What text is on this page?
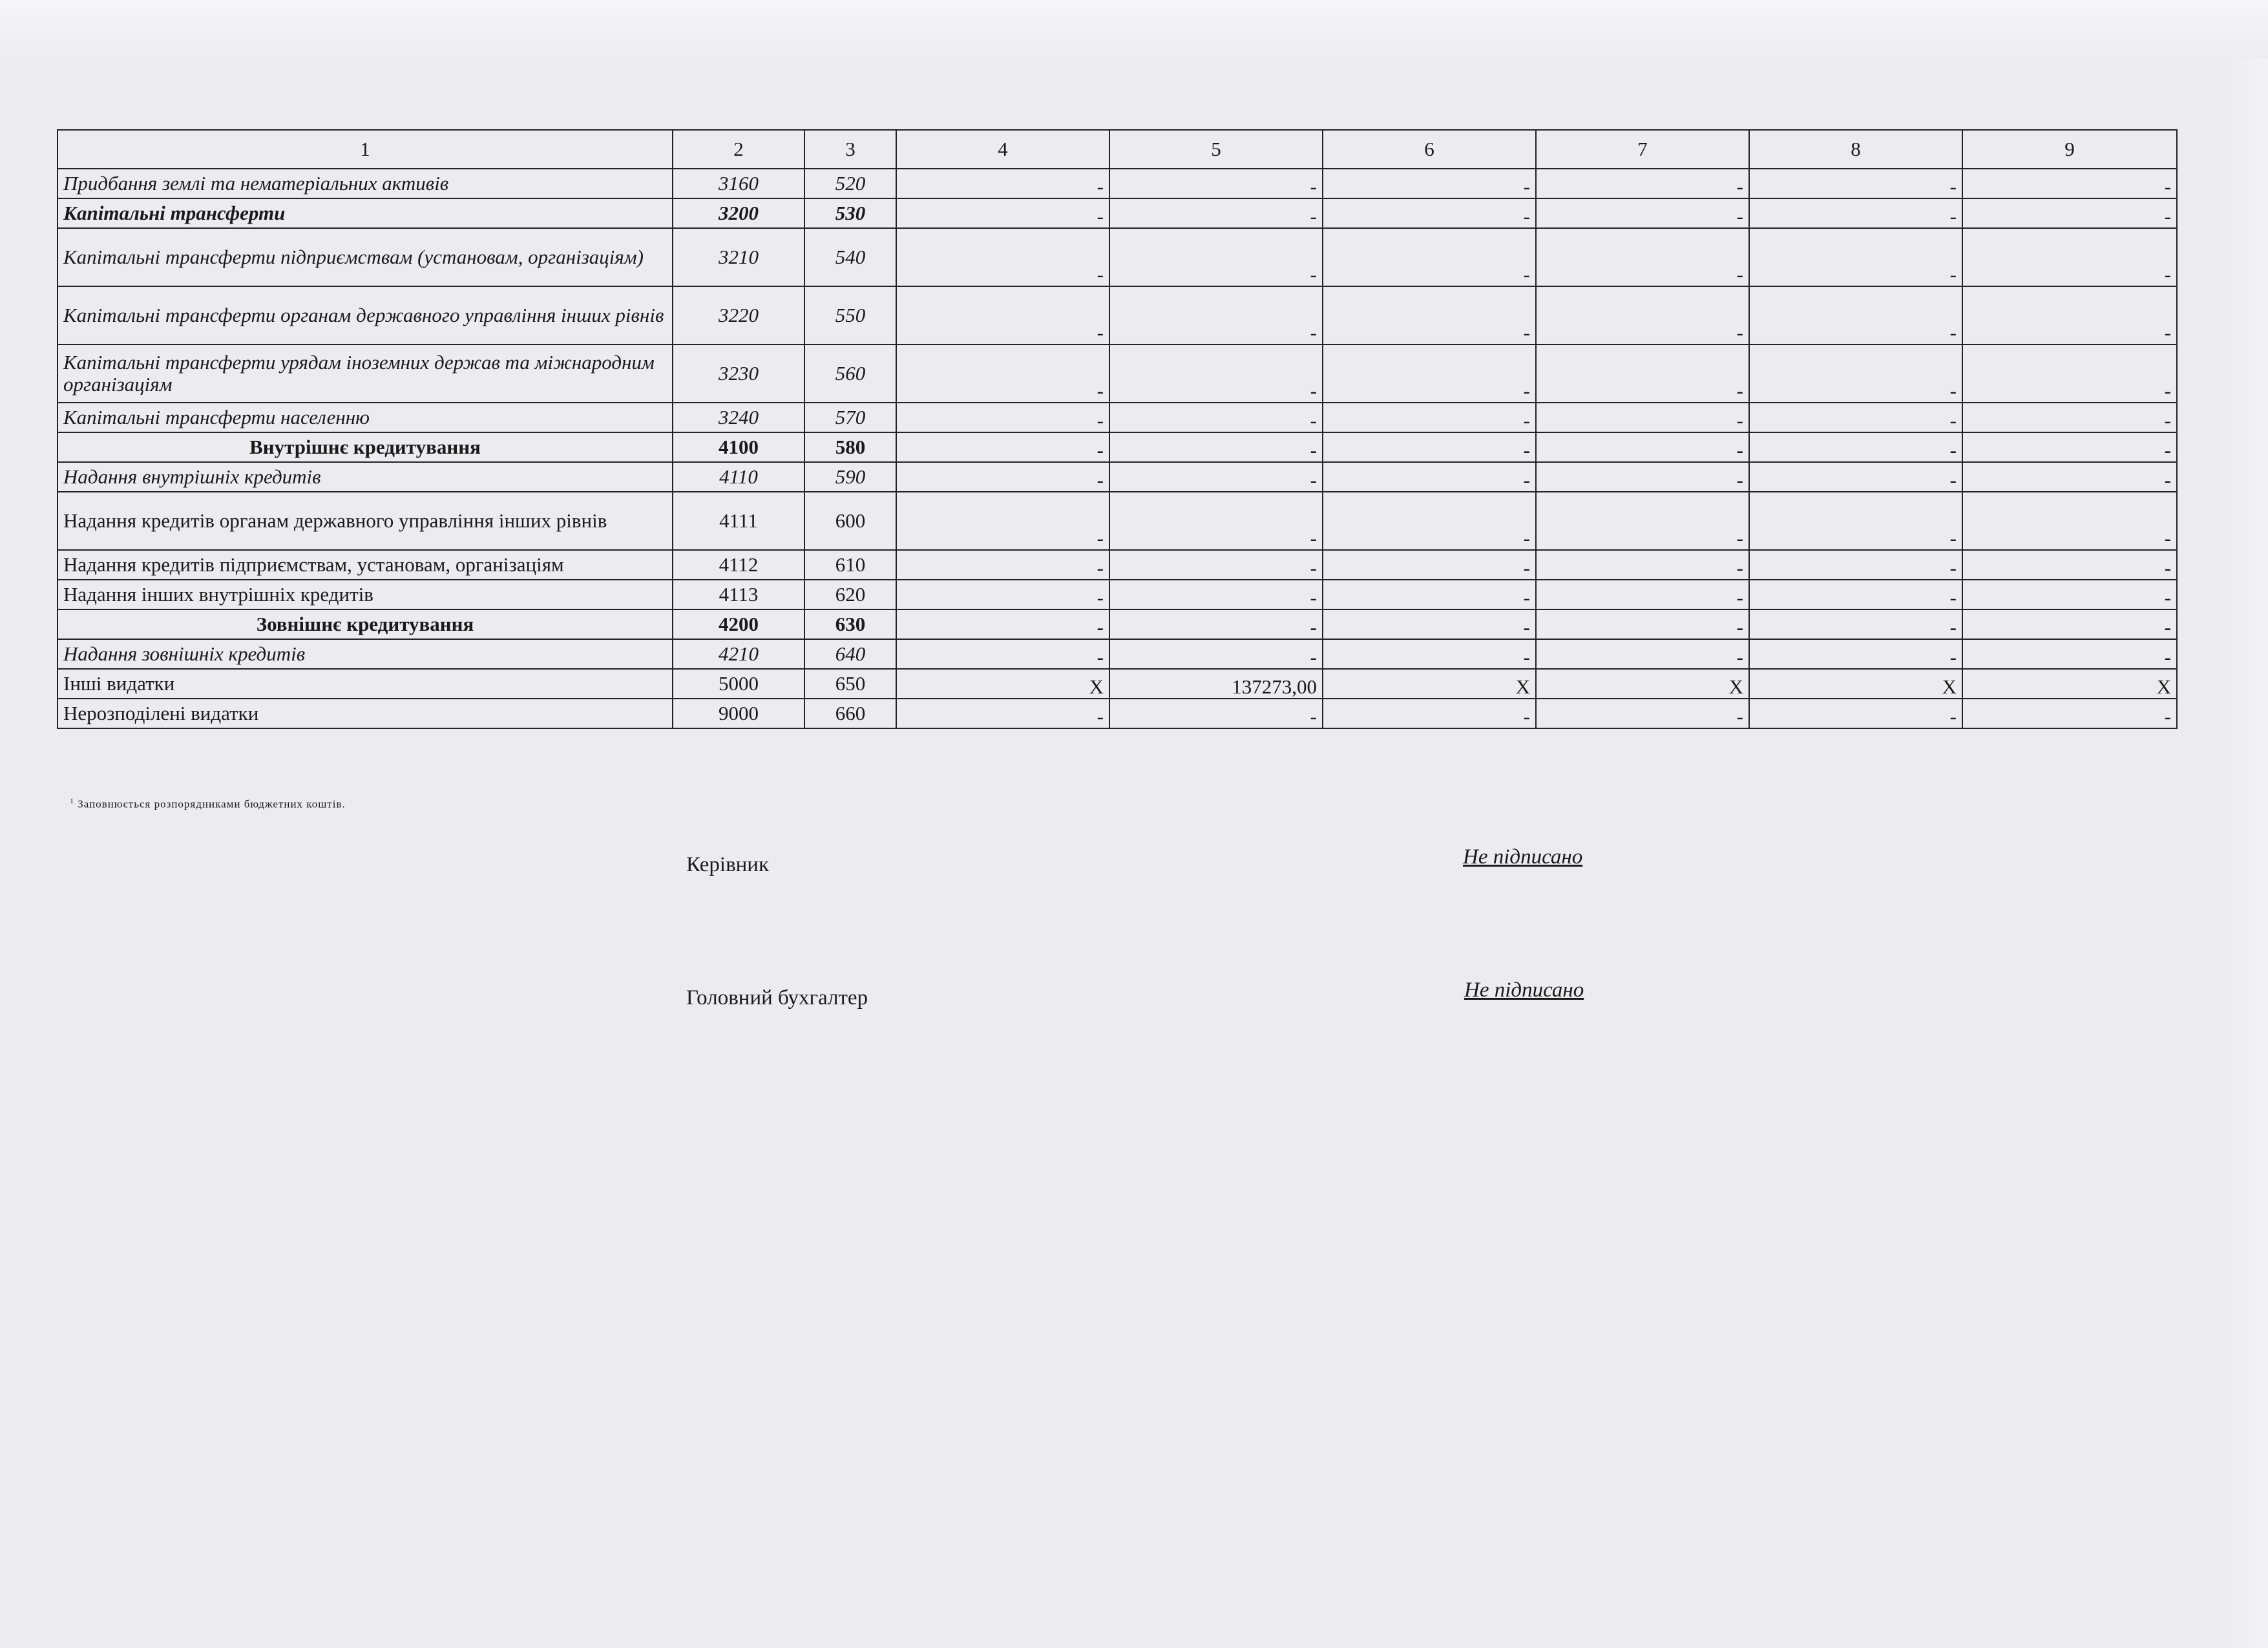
1	2	3	4	5	6	7	8	9
Придбання землі та нематеріальних активів	3160	520	-	-	-	-	-	-
Капітальні трансферти	3200	530	-	-	-	-	-	-
Капітальні трансферти підприємствам (установам, організаціям)	3210	540	-	-	-	-	-	-
Капітальні трансферти органам державного управління інших рівнів	3220	550	-	-	-	-	-	-
Капітальні трансферти урядам іноземних держав та міжнародним організаціям	3230	560	-	-	-	-	-	-
Капітальні трансферти населенню	3240	570	-	-	-	-	-	-
Внутрішнє кредитування	4100	580	-	-	-	-	-	-
Надання внутрішніх кредитів	4110	590	-	-	-	-	-	-
Надання кредитів органам державного управління інших рівнів	4111	600	-	-	-	-	-	-
Надання кредитів підприємствам, установам, організаціям	4112	610	-	-	-	-	-	-
Надання інших внутрішніх кредитів	4113	620	-	-	-	-	-	-
Зовнішнє кредитування	4200	630	-	-	-	-	-	-
Надання зовнішніх кредитів	4210	640	-	-	-	-	-	-
Інші видатки	5000	650	X	137273,00	X	X	X	X
Нерозподілені видатки	9000	660	-	-	-	-	-	-
$^1$ Заповнюється розпорядниками бюджетних коштів.
Керівник	Не підписано
Головний бухгалтер	Не підписано
